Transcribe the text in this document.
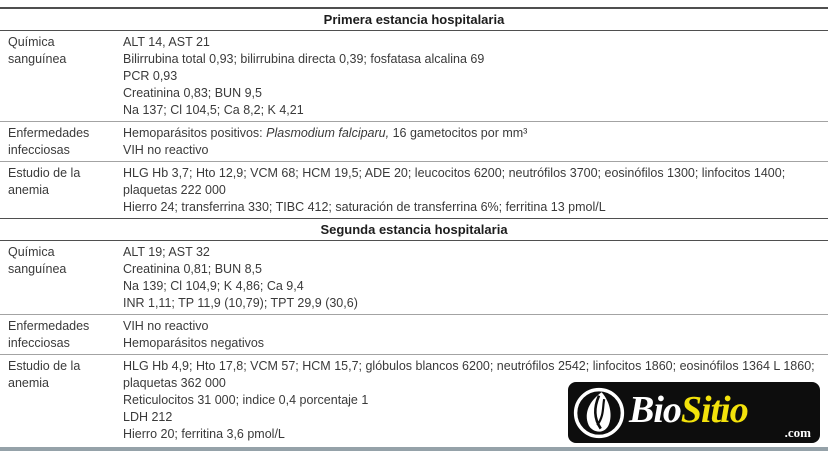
Primera estancia hospitalaria
Química sanguínea
ALT 14, AST 21
Bilirrubina total 0,93; bilirrubina directa 0,39; fosfatasa alcalina 69
PCR 0,93
Creatinina 0,83; BUN 9,5
Na 137; Cl 104,5; Ca 8,2; K 4,21
Enfermedades infecciosas
Hemoparásitos positivos: Plasmodium falciparu, 16 gametocitos por mm³
VIH no reactivo
Estudio de la anemia
HLG Hb 3,7; Hto 12,9; VCM 68; HCM 19,5; ADE 20; leucocitos 6200; neutrófilos 3700; eosinófilos 1300; linfocitos 1400;
plaquetas 222 000
Hierro 24; transferrina 330; TIBC 412; saturación de transferrina 6%; ferritina 13 pmol/L
Segunda estancia hospitalaria
Química sanguínea
ALT 19; AST 32
Creatinina 0,81; BUN 8,5
Na 139; Cl 104,9; K 4,86; Ca 9,4
INR 1,11; TP 11,9 (10,79); TPT 29,9 (30,6)
Enfermedades infecciosas
VIH no reactivo
Hemoparásitos negativos
Estudio de la anemia
HLG Hb 4,9; Hto 17,8; VCM 57; HCM 15,7; glóbulos blancos 6200; neutrófilos 2542; linfocitos 1860; eosinófilos 1364 L 1860;
plaquetas 362 000
Reticulocitos 31 000; indice 0,4 porcentaje 1
LDH 212
Hierro 20; ferritina 3,6 pmol/L
BioSitio
.com
